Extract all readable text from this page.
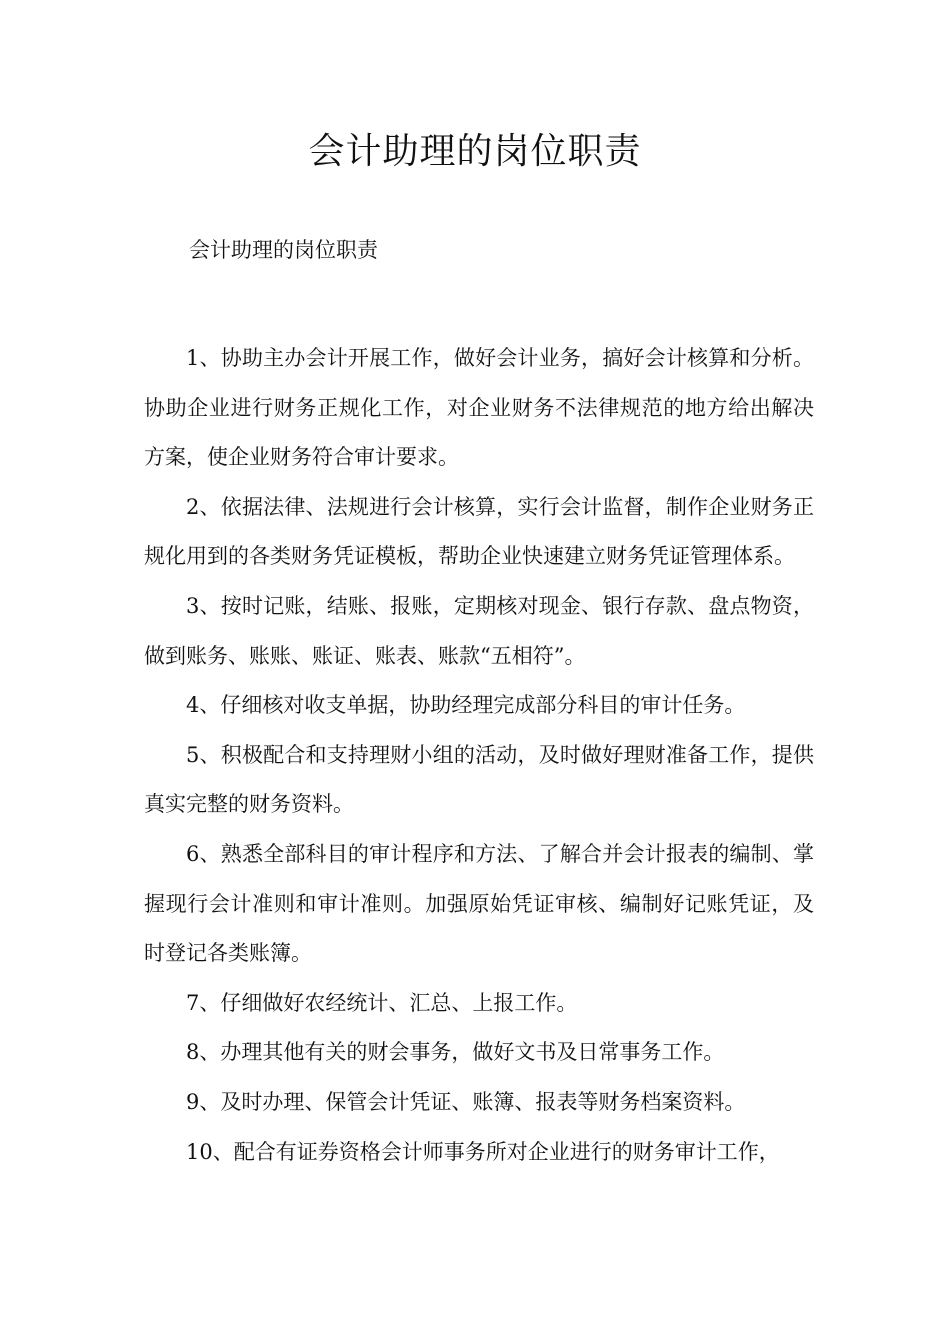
会计助理的岗位职责

会计助理的岗位职责

1、协助主办会计开展工作，做好会计业务，搞好会计核算和分析。协助企业进行财务正规化工作，对企业财务不法律规范的地方给出解决方案，使企业财务符合审计要求。

2、依据法律、法规进行会计核算，实行会计监督，制作企业财务正规化用到的各类财务凭证模板，帮助企业快速建立财务凭证管理体系。

3、按时记账，结账、报账，定期核对现金、银行存款、盘点物资，做到账务、账账、账证、账表、账款“五相符”。

4、仔细核对收支单据，协助经理完成部分科目的审计任务。

5、积极配合和支持理财小组的活动，及时做好理财准备工作，提供真实完整的财务资料。

6、熟悉全部科目的审计程序和方法、了解合并会计报表的编制、掌握现行会计准则和审计准则。加强原始凭证审核、编制好记账凭证，及时登记各类账簿。

7、仔细做好农经统计、汇总、上报工作。

8、办理其他有关的财会事务，做好文书及日常事务工作。

9、及时办理、保管会计凭证、账簿、报表等财务档案资料。

10、配合有证券资格会计师事务所对企业进行的财务审计工作，
